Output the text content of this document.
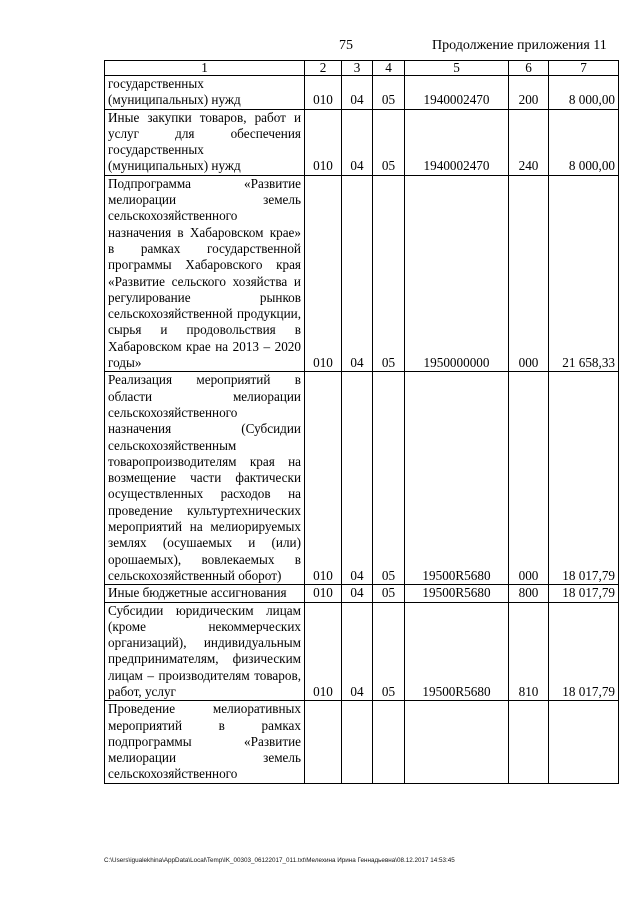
75	Продолжение приложения 11
1	2	3	4	5	6	7
государственных (муниципальных) нужд	010	04	05	1940002470	200	8 000,00
Иные закупки товаров, работ и услуг для обеспечения государственных (муниципальных) нужд	010	04	05	1940002470	240	8 000,00
Подпрограмма «Развитие мелиорации земель сельскохозяйственного назначения в Хабаровском крае» в рамках государственной программы Хабаровского края «Развитие сельского хозяйства и регулирование рынков сельскохозяйственной продукции, сырья и продовольствия в Хабаровском крае на 2013 – 2020 годы»	010	04	05	1950000000	000	21 658,33
Реализация мероприятий в области мелиорации сельскохозяйственного назначения (Субсидии сельскохозяйственным товаропроизводителям края на возмещение части фактически осуществленных расходов на проведение культуртехнических мероприятий на мелиорируемых землях (осушаемых и (или) орошаемых), вовлекаемых в сельскохозяйственный оборот)	010	04	05	19500R5680	000	18 017,79
Иные бюджетные ассигнования	010	04	05	19500R5680	800	18 017,79
Субсидии юридическим лицам (кроме некоммерческих организаций), индивидуальным предпринимателям, физическим лицам – производителям товаров, работ, услуг	010	04	05	19500R5680	810	18 017,79
Проведение мелиоративных мероприятий в рамках подпрограммы «Развитие мелиорации земель сельскохозяйственного						
C:\Users\igualekhina\AppData\Local\Temp\IK_00303_06122017_011.txt\Мелехина Ирина Геннадьевна\08.12.2017 14:53:45
